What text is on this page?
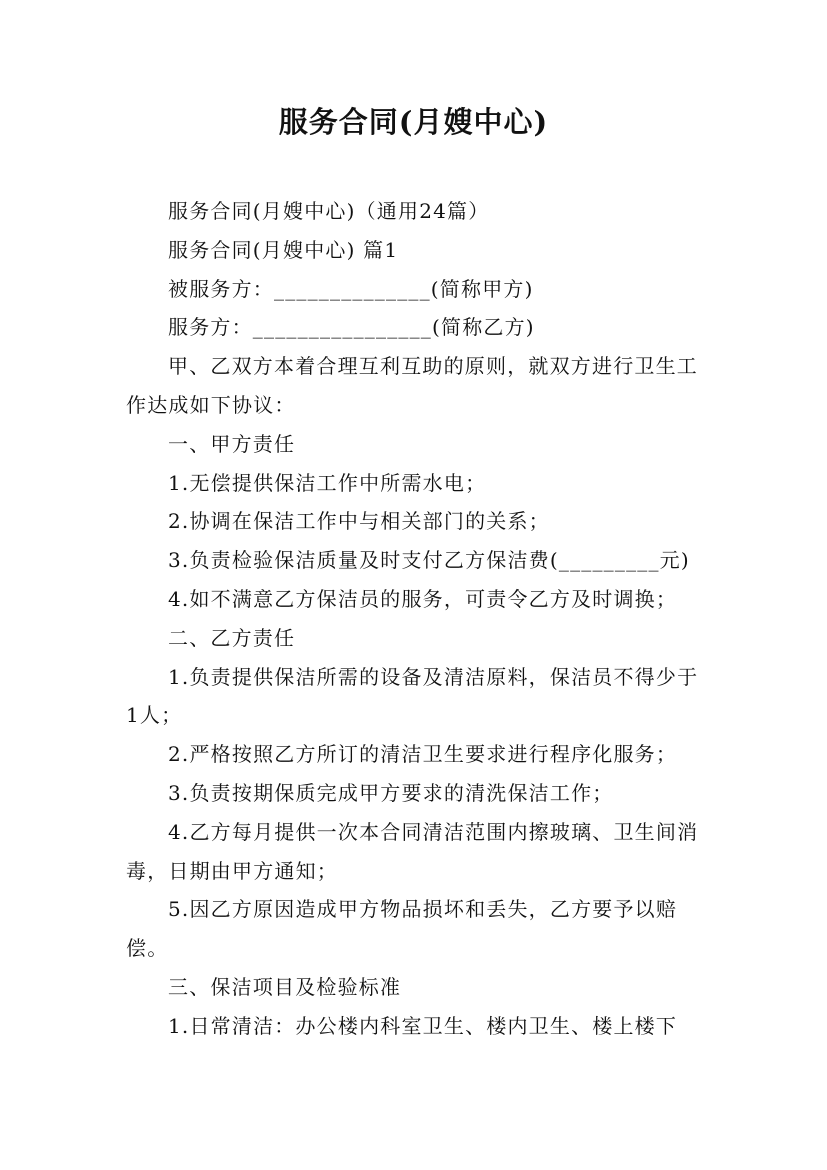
服务合同(月嫂中心)

服务合同(月嫂中心)（通用24篇）

服务合同(月嫂中心) 篇1

被服务方：______________(简称甲方)

服务方：________________(简称乙方)

甲、乙双方本着合理互利互助的原则，就双方进行卫生工作达成如下协议：

一、甲方责任

1.无偿提供保洁工作中所需水电；

2.协调在保洁工作中与相关部门的关系；

3.负责检验保洁质量及时支付乙方保洁费(_________元)

4.如不满意乙方保洁员的服务，可责令乙方及时调换；

二、乙方责任

1.负责提供保洁所需的设备及清洁原料，保洁员不得少于1人；

2.严格按照乙方所订的清洁卫生要求进行程序化服务；

3.负责按期保质完成甲方要求的清洗保洁工作；

4.乙方每月提供一次本合同清洁范围内擦玻璃、卫生间消毒，日期由甲方通知；

5.因乙方原因造成甲方物品损坏和丢失，乙方要予以赔偿。

三、保洁项目及检验标准

1.日常清洁：办公楼内科室卫生、楼内卫生、楼上楼下
